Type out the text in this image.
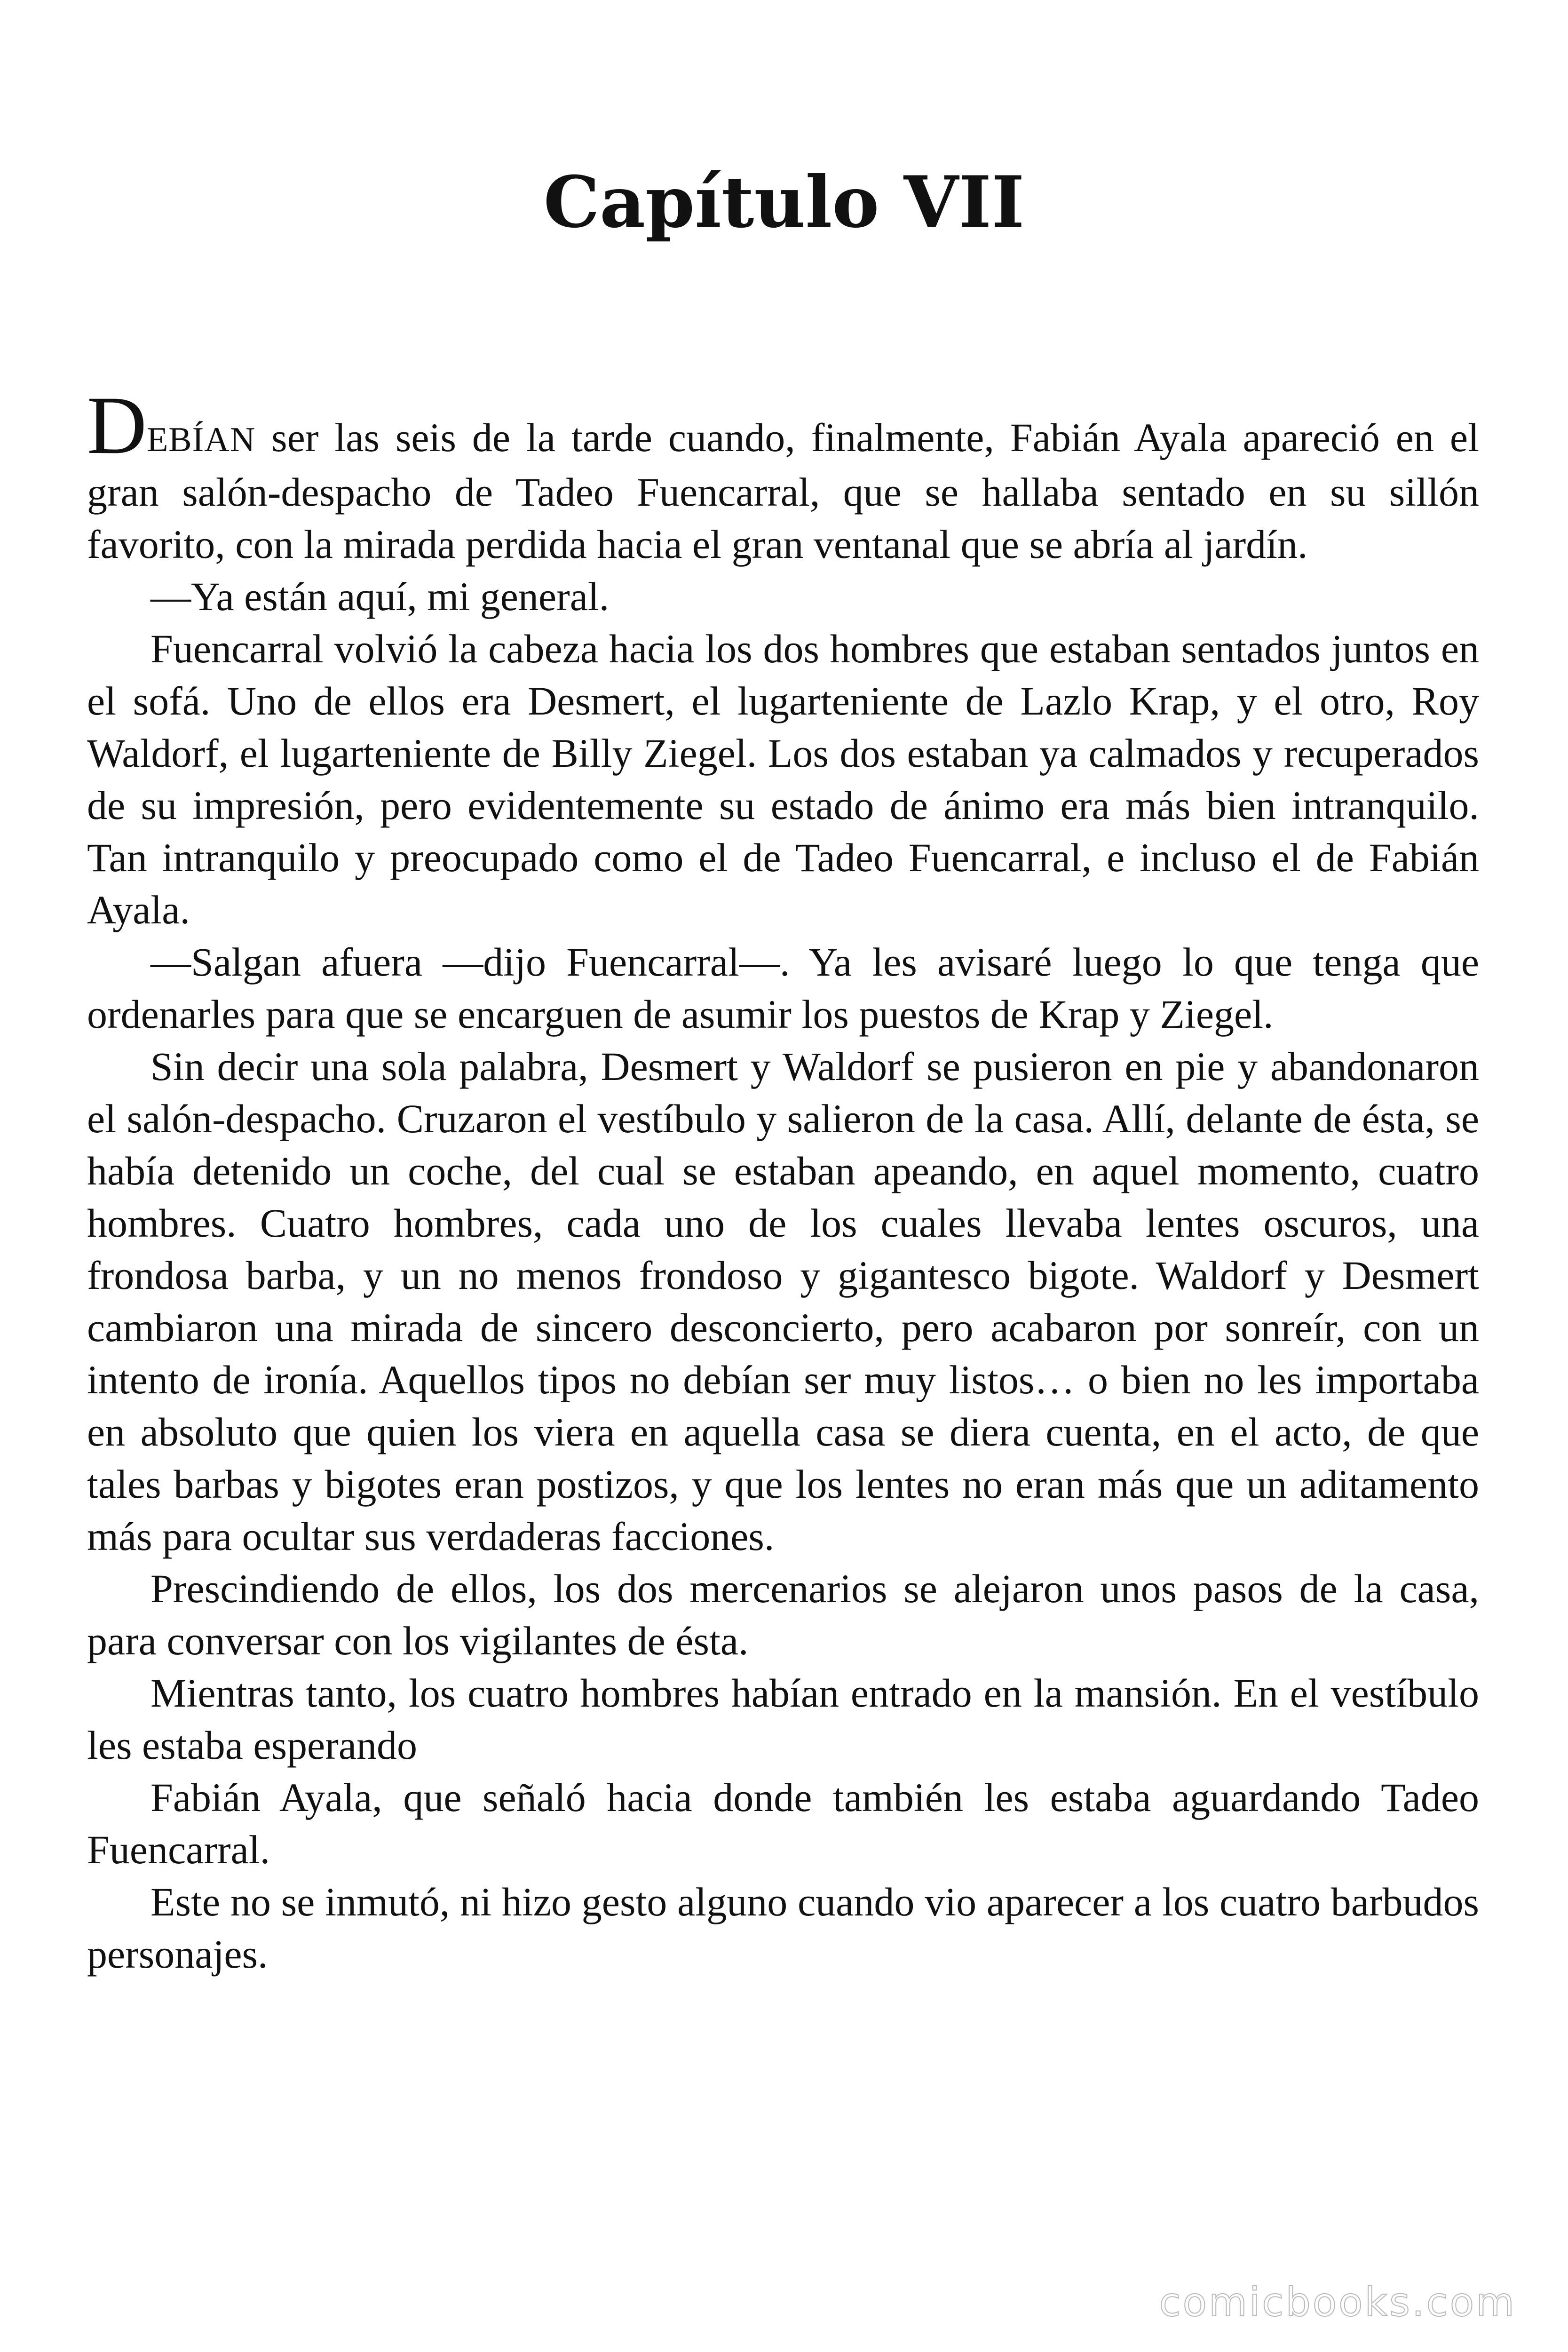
Capítulo VII

DEBÍAN ser las seis de la tarde cuando, finalmente, Fabián Ayala apareció en el gran salón-despacho de Tadeo Fuencarral, que se hallaba sentado en su sillón favorito, con la mirada perdida hacia el gran ventanal que se abría al jardín.

—Ya están aquí, mi general.

Fuencarral volvió la cabeza hacia los dos hombres que estaban sentados juntos en el sofá. Uno de ellos era Desmert, el lugarteniente de Lazlo Krap, y el otro, Roy Waldorf, el lugarteniente de Billy Ziegel. Los dos estaban ya calmados y recuperados de su impresión, pero evidentemente su estado de ánimo era más bien intranquilo. Tan intranquilo y preocupado como el de Tadeo Fuencarral, e incluso el de Fabián Ayala.

—Salgan afuera —dijo Fuencarral—. Ya les avisaré luego lo que tenga que ordenarles para que se encarguen de asumir los puestos de Krap y Ziegel.

Sin decir una sola palabra, Desmert y Waldorf se pusieron en pie y abandonaron el salón-despacho. Cruzaron el vestíbulo y salieron de la casa. Allí, delante de ésta, se había detenido un coche, del cual se estaban apeando, en aquel momento, cuatro hombres. Cuatro hombres, cada uno de los cuales llevaba lentes oscuros, una frondosa barba, y un no menos frondoso y gigantesco bigote. Waldorf y Desmert cambiaron una mirada de sincero desconcierto, pero acabaron por sonreír, con un intento de ironía. Aquellos tipos no debían ser muy listos… o bien no les importaba en absoluto que quien los viera en aquella casa se diera cuenta, en el acto, de que tales barbas y bigotes eran postizos, y que los lentes no eran más que un aditamento más para ocultar sus verdaderas facciones.

Prescindiendo de ellos, los dos mercenarios se alejaron unos pasos de la casa, para conversar con los vigilantes de ésta.

Mientras tanto, los cuatro hombres habían entrado en la mansión. En el vestíbulo les estaba esperando

Fabián Ayala, que señaló hacia donde también les estaba aguardando Tadeo Fuencarral.

Este no se inmutó, ni hizo gesto alguno cuando vio aparecer a los cuatro barbudos personajes.

comicbooks.com
